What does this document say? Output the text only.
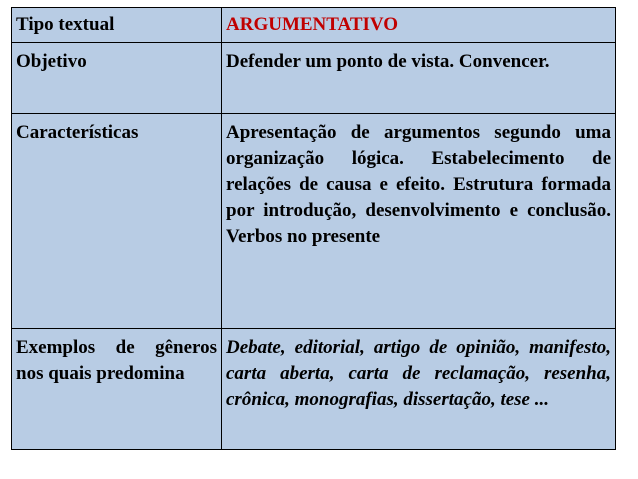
Tipo textual	ARGUMENTATIVO
Objetivo	Defender um ponto de vista. Convencer.
Características	Apresentação de argumentos segundo uma organização lógica. Estabelecimento de relações de causa e efeito. Estrutura formada por introdução, desenvolvimento e conclusão. Verbos no presente
Exemplos de gêneros nos quais predomina	Debate, editorial, artigo de opinião, manifesto, carta aberta, carta de reclamação, resenha, crônica, monografias, dissertação, tese ...
